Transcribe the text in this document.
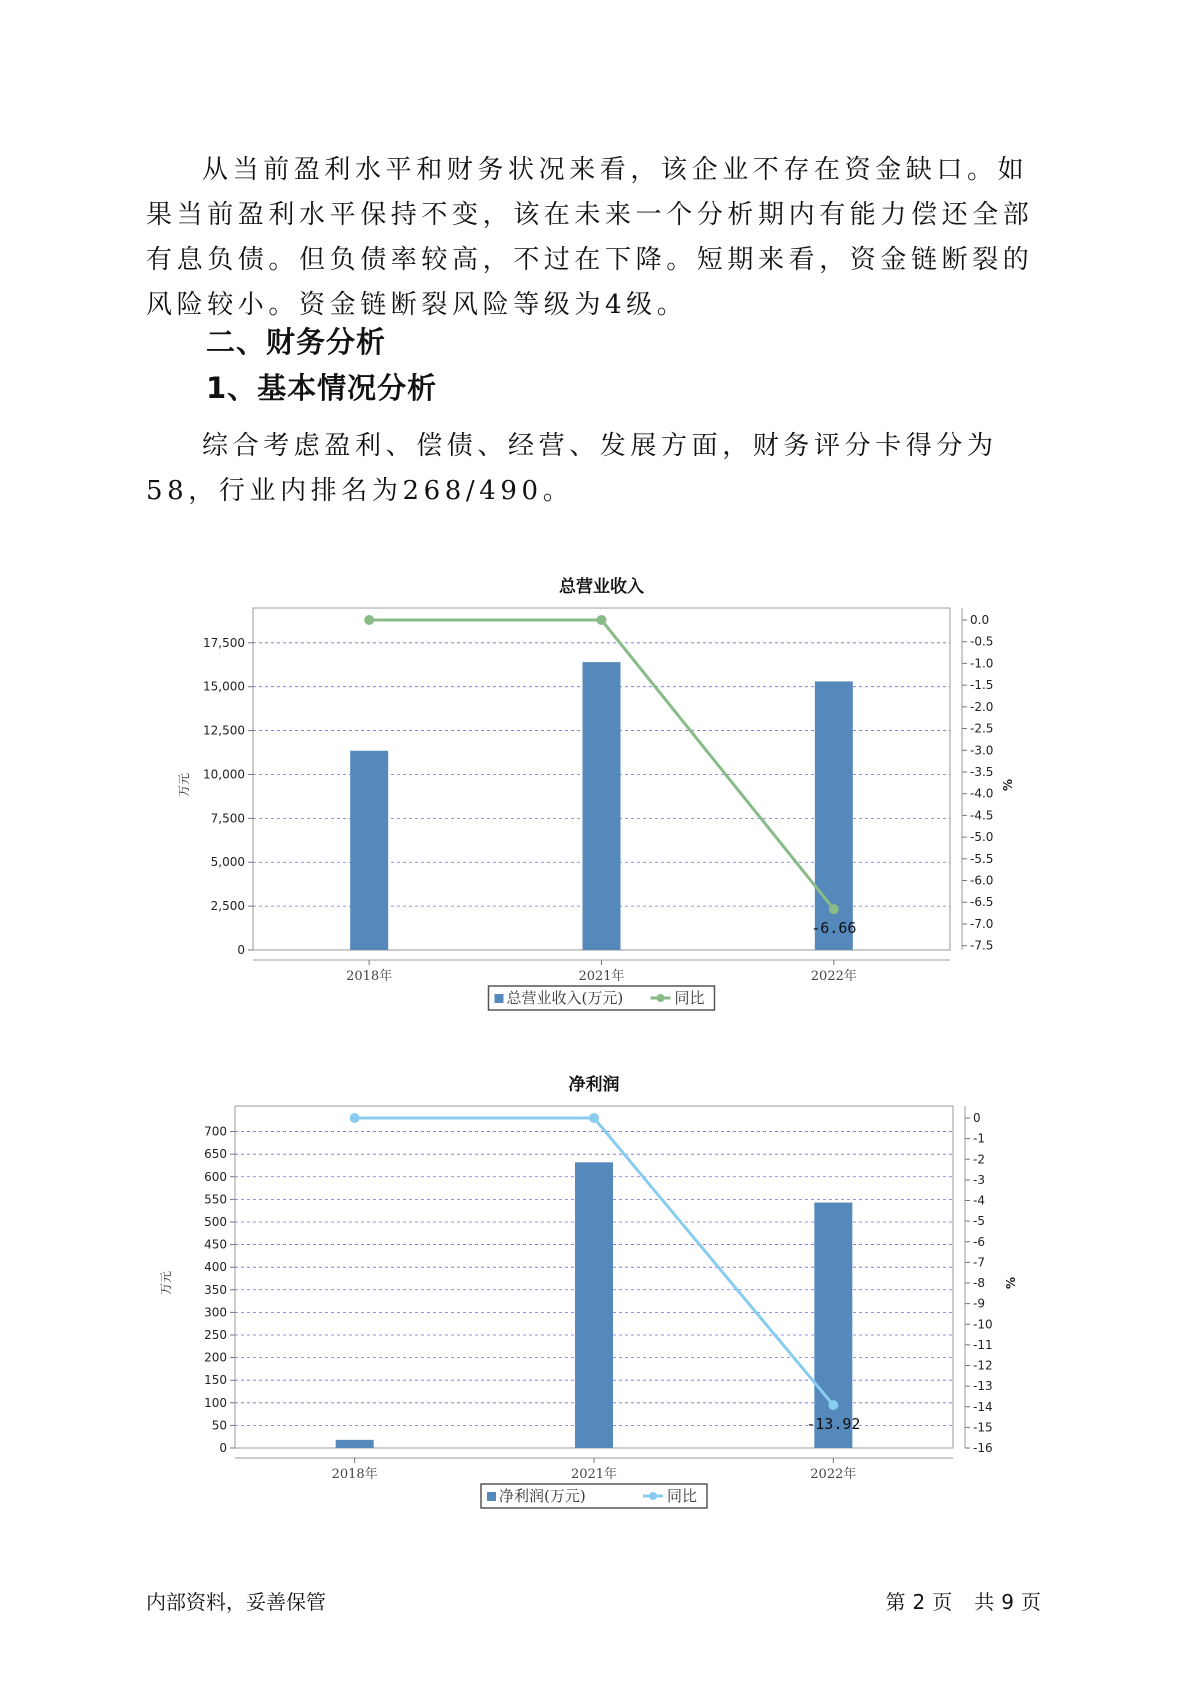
从当前盈利水平和财务状况来看，该企业不存在资金缺口。如果当前盈利水平保持不变，该在未来一个分析期内有能力偿还全部有息负债。但负债率较高，不过在下降。短期来看，资金链断裂的风险较小。资金链断裂风险等级为4级。

二、财务分析
1、基本情况分析

综合考虑盈利、偿债、经营、发展方面，财务评分卡得分为58，行业内排名为268/490。

总营业收入
0
2,500
5,000
7,500
10,000
12,500
15,000
17,500
0.0
-0.5
-1.0
-1.5
-2.0
-2.5
-3.0
-3.5
-4.0
-4.5
-5.0
-5.5
-6.0
-6.5
-7.0
-7.5
万元	%
2018年	2021年	2022年
-6.66
总营业收入(万元)	同比
净利润
0
50
100
150
200
250
300
350
400
450
500
550
600
650
700
0
-1
-2
-3
-4
-5
-6
-7
-8
-9
-10
-11
-12
-13
-14
-15
-16
万元	%
2018年	2021年	2022年
-13.92
净利润(万元)	同比
内部资料，妥善保管	第 2 页　共 9 页
